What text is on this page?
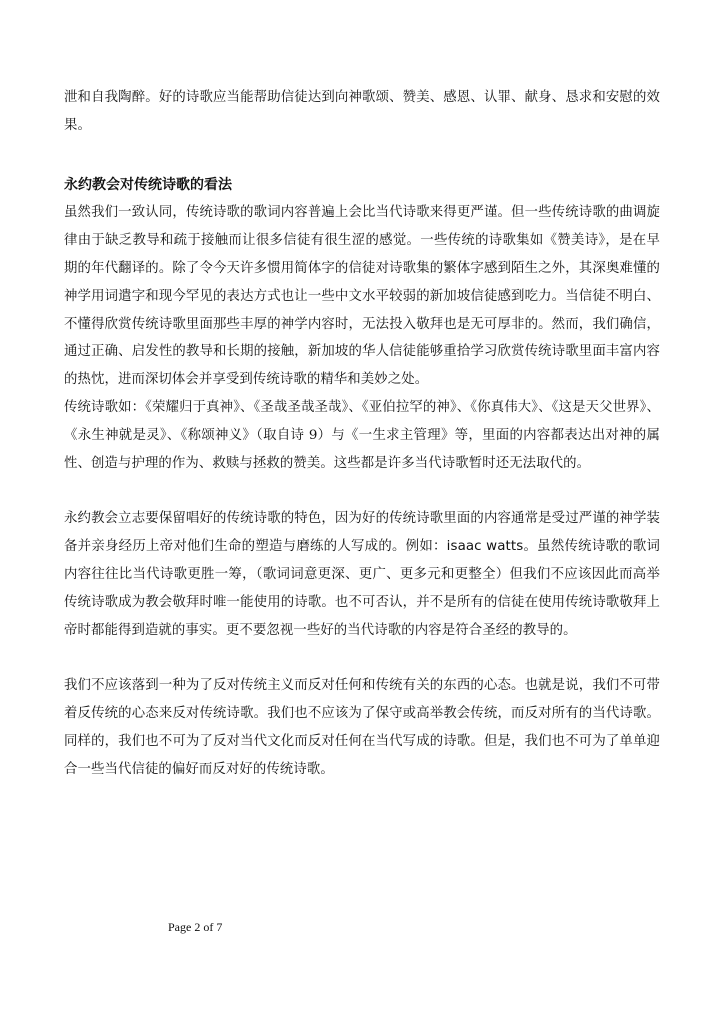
泄和自我陶醉。好的诗歌应当能帮助信徒达到向神歌颂、赞美、感恩、认罪、献身、恳求和安慰的效果。

永约教会对传统诗歌的看法

虽然我们一致认同，传统诗歌的歌词内容普遍上会比当代诗歌来得更严谨。但一些传统诗歌的曲调旋律由于缺乏教导和疏于接触而让很多信徒有很生涩的感觉。一些传统的诗歌集如《赞美诗》，是在早期的年代翻译的。除了令今天许多惯用简体字的信徒对诗歌集的繁体字感到陌生之外，其深奥难懂的神学用词遣字和现今罕见的表达方式也让一些中文水平较弱的新加坡信徒感到吃力。当信徒不明白、不懂得欣赏传统诗歌里面那些丰厚的神学内容时，无法投入敬拜也是无可厚非的。然而，我们确信，通过正确、启发性的教导和长期的接触，新加坡的华人信徒能够重拾学习欣赏传统诗歌里面丰富内容的热忱，进而深切体会并享受到传统诗歌的精华和美妙之处。

传统诗歌如：《荣耀归于真神》、《圣哉圣哉圣哉》、《亚伯拉罕的神》、《你真伟大》、《这是天父世界》、《永生神就是灵》、《称颂神义》（取自诗 9）与《一生求主管理》等，里面的内容都表达出对神的属性、创造与护理的作为、救赎与拯救的赞美。这些都是许多当代诗歌暂时还无法取代的。

永约教会立志要保留唱好的传统诗歌的特色，因为好的传统诗歌里面的内容通常是受过严谨的神学装备并亲身经历上帝对他们生命的塑造与磨练的人写成的。例如：isaac watts。虽然传统诗歌的歌词内容往往比当代诗歌更胜一筹，（歌词词意更深、更广、更多元和更整全）但我们不应该因此而高举传统诗歌成为教会敬拜时唯一能使用的诗歌。也不可否认，并不是所有的信徒在使用传统诗歌敬拜上帝时都能得到造就的事实。更不要忽视一些好的当代诗歌的内容是符合圣经的教导的。

我们不应该落到一种为了反对传统主义而反对任何和传统有关的东西的心态。也就是说，我们不可带着反传统的心态来反对传统诗歌。我们也不应该为了保守或高举教会传统，而反对所有的当代诗歌。同样的，我们也不可为了反对当代文化而反对任何在当代写成的诗歌。但是，我们也不可为了单单迎合一些当代信徒的偏好而反对好的传统诗歌。

Page 2 of 7
